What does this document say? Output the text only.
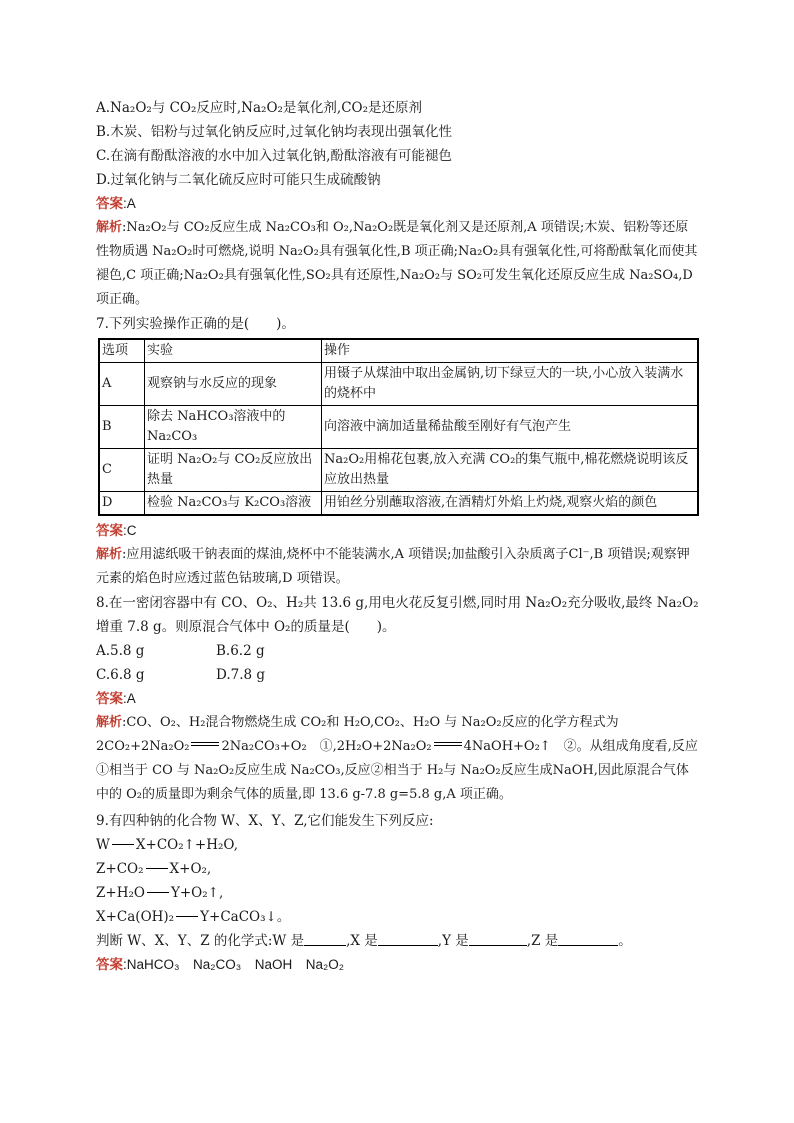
A.Na₂O₂与 CO₂反应时,Na₂O₂是氧化剂,CO₂是还原剂
B.木炭、铝粉与过氧化钠反应时,过氧化钠均表现出强氧化性
C.在滴有酚酞溶液的水中加入过氧化钠,酚酞溶液有可能褪色
D.过氧化钠与二氧化硫反应时可能只生成硫酸钠
答案:A
解析:Na₂O₂与 CO₂反应生成 Na₂CO₃和 O₂,Na₂O₂既是氧化剂又是还原剂,A 项错误;木炭、铝粉等还原性物质遇 Na₂O₂时可燃烧,说明 Na₂O₂具有强氧化性,B 项正确;Na₂O₂具有强氧化性,可将酚酞氧化而使其褪色,C 项正确;Na₂O₂具有强氧化性,SO₂具有还原性,Na₂O₂与 SO₂可发生氧化还原反应生成 Na₂SO₄,D 项正确。
7.下列实验操作正确的是(　　)。
选项	实验	操作
A	观察钠与水反应的现象	用镊子从煤油中取出金属钠,切下绿豆大的一块,小心放入装满水的烧杯中
B	除去 NaHCO₃溶液中的Na₂CO₃	向溶液中滴加适量稀盐酸至刚好有气泡产生
C	证明 Na₂O₂与 CO₂反应放出热量	Na₂O₂用棉花包裹,放入充满 CO₂的集气瓶中,棉花燃烧说明该反应放出热量
D	检验 Na₂CO₃与 K₂CO₃溶液	用铂丝分别蘸取溶液,在酒精灯外焰上灼烧,观察火焰的颜色
答案:C
解析:应用滤纸吸干钠表面的煤油,烧杯中不能装满水,A 项错误;加盐酸引入杂质离子Cl⁻,B 项错误;观察钾元素的焰色时应透过蓝色钴玻璃,D 项错误。
8.在一密闭容器中有 CO、O₂、H₂共 13.6 g,用电火花反复引燃,同时用 Na₂O₂充分吸收,最终 Na₂O₂增重 7.8 g。则原混合气体中 O₂的质量是(　　)。
A.5.8 g	B.6.2 g
C.6.8 g	D.7.8 g
答案:A
解析:CO、O₂、H₂混合物燃烧生成 CO₂和 H₂O,CO₂、H₂O 与 Na₂O₂反应的化学方程式为 2CO₂+2Na₂O₂ 2Na₂CO₃+O₂　①,2H₂O+2Na₂O₂ 4NaOH+O₂↑　②。从组成角度看,反应①相当于 CO 与 Na₂O₂反应生成 Na₂CO₃,反应②相当于 H₂与 Na₂O₂反应生成NaOH,因此原混合气体中的 O₂的质量即为剩余气体的质量,即 13.6 g-7.8 g=5.8 g,A 项正确。
9.有四种钠的化合物 W、X、Y、Z,它们能发生下列反应:
W X+CO₂↑+H₂O,
Z+CO₂ X+O₂,
Z+H₂O Y+O₂↑,
X+Ca(OH)₂ Y+CaCO₃↓。
判断 W、X、Y、Z 的化学式:W 是	,X 是	,Y 是	,Z 是	。
答案:NaHCO₃　Na₂CO₃　NaOH　Na₂O₂
